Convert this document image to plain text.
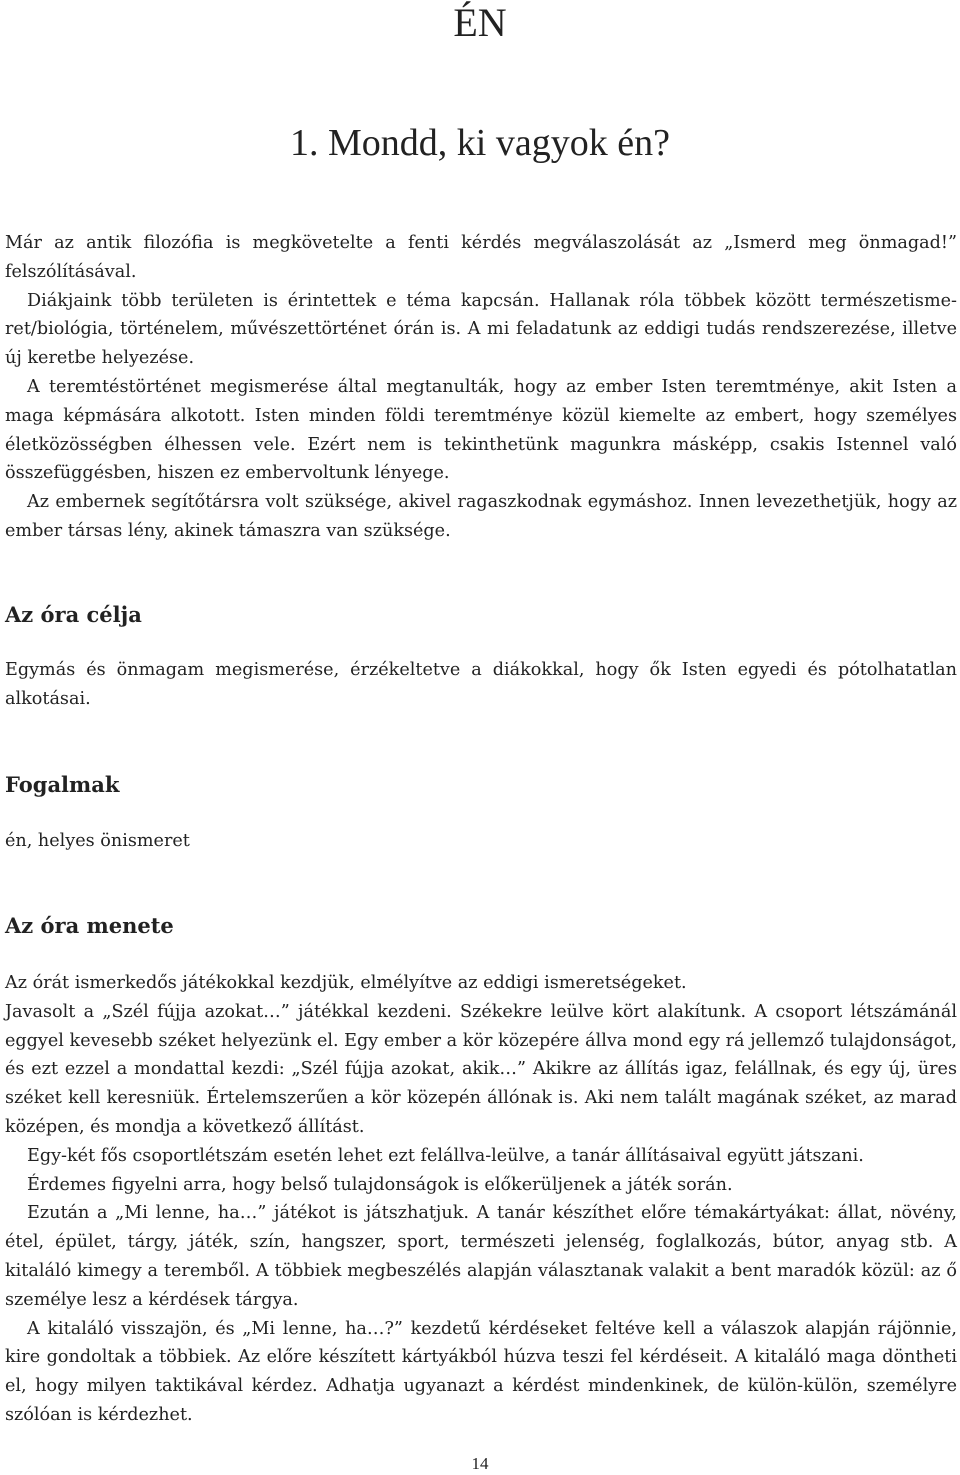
ÉN
1. Mondd, ki vagyok én?

Már az antik filozófia is megkövetelte a fenti kérdés megválaszolását az „Ismerd meg önmagad!” felszólításával.

Diákjaink több területen is érintettek e téma kapcsán. Hallanak róla többek között természetismeret/biológia, történelem, művészettörténet órán is. A mi feladatunk az eddigi tudás rendszerezése, illetve új keretbe helyezése.

A teremtéstörténet megismerése által megtanulták, hogy az ember Isten teremtménye, akit Isten a maga képmására alkotott. Isten minden földi teremtménye közül kiemelte az embert, hogy személyes életközösségben élhessen vele. Ezért nem is tekinthetünk magunkra másképp, csakis Istennel való összefüggésben, hiszen ez embervoltunk lényege.

Az embernek segítőtársra volt szüksége, akivel ragaszkodnak egymáshoz. Innen levezethetjük, hogy az ember társas lény, akinek támaszra van szüksége.

Az óra célja

Egymás és önmagam megismerése, érzékeltetve a diákokkal, hogy ők Isten egyedi és pótolhatatlan alkotásai.

Fogalmak

én, helyes önismeret

Az óra menete

Az órát ismerkedős játékokkal kezdjük, elmélyítve az eddigi ismeretségeket.

Javasolt a „Szél fújja azokat…” játékkal kezdeni. Székekre leülve kört alakítunk. A csoport létszámánál eggyel kevesebb széket helyezünk el. Egy ember a kör közepére állva mond egy rá jellemző tulajdonságot, és ezt ezzel a mondattal kezdi: „Szél fújja azokat, akik…” Akikre az állítás igaz, felállnak, és egy új, üres széket kell keresniük. Értelemszerűen a kör közepén állónak is. Aki nem talált magának széket, az marad középen, és mondja a következő állítást.

Egy-két fős csoportlétszám esetén lehet ezt felállva-leülve, a tanár állításaival együtt játszani.

Érdemes figyelni arra, hogy belső tulajdonságok is előkerüljenek a játék során.

Ezután a „Mi lenne, ha…” játékot is játszhatjuk. A tanár készíthet előre témakártyákat: állat, növény, étel, épület, tárgy, játék, szín, hangszer, sport, természeti jelenség, foglalkozás, bútor, anyag stb. A kitaláló kimegy a teremből. A többiek megbeszélés alapján választanak valakit a bent maradók közül: az ő személye lesz a kérdések tárgya.

A kitaláló visszajön, és „Mi lenne, ha…?” kezdetű kérdéseket feltéve kell a válaszok alapján rájönnie, kire gondoltak a többiek. Az előre készített kártyákból húzva teszi fel kérdéseit. A kitaláló maga döntheti el, hogy milyen taktikával kérdez. Adhatja ugyanazt a kérdést mindenkinek, de külön-külön, személyre szólóan is kérdezhet.

14
